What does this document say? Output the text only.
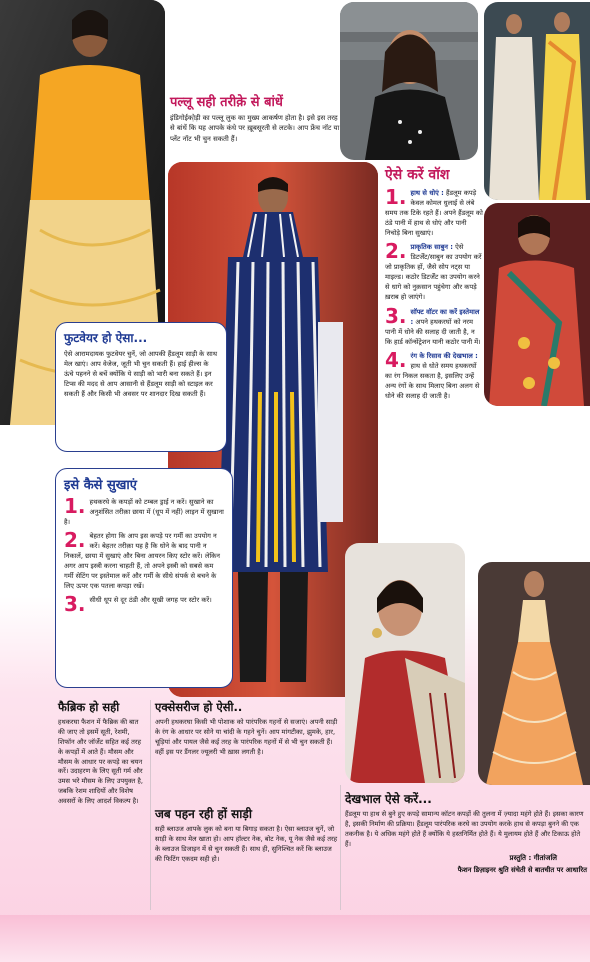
पल्लू सही तरीक़े से बांधें
इंडिगोईको़ड़ी का पल्लू लुक का मुख्य आकर्षण होता है। इसे इस तरह से बांधें कि यह आपके कंधे पर ख़ूबसूरती से लटके। आप फ्रेंच नॉट या प्लेंट नॉट भी चुन सकती हैं।
ऐसे करें वॉश
1. हाथ से धोएं : हैंडलूम कपड़े केवल कोमल धुलाई से लंबे समय तक टिके रहते हैं। अपने हैंडलूम को ठंडे पानी में हाथ से धोएं और पानी निचोड़े बिना सुखाएं।
2. प्राकृतिक साबुन : ऐसे डिटर्जेंट/साबुन का उपयोग करें जो प्राकृतिक हों, जैसे सोप नट्स या माइल्ड। कठोर डिटर्जेंट का उपयोग करने से धागे को नुक़सान पहुंचेगा और कपड़े ख़राब हो जाएंगे।
3. सॉफ्ट वॉटर का करें इस्तेमाल : अपने हथकरघों को नरम पानी में धोने की सलाह दी जाती है, न कि हार्ड कॉन्सेंट्रेशन यानी कठोर पानी में।
4. रंग के रिसाव की देखभाल : हाथ से धोते समय हथकरघों का रंग निकल सकता है, इसलिए उन्हें अन्य रंगों के साथ मिलाए बिना अलग से धोने की सलाह दी जाती है।
फुटवेयर हो ऐसा...
ऐसे आरामदायक फुटवेयर चुनें, जो आपकी हैंडलूम साड़ी के साथ मेल खाएं। आप वेजेज, जूती भी चुन सकती हैं। हाई हील्स के ऊंचे पहनने से बचें क्योंकि ये साड़ी को भारी बना सकते हैं। इन टिप्स की मदद से आप आसानी से हैंडलूम साड़ी को स्टाइल कर सकती हैं और किसी भी अवसर पर शानदार दिख सकती हैं।
इसे कैसे सुखाएं
1. हथकरघे के कपड़ों को टम्बल ड्राई न करें। सुखाने का अनुशंसित तरीक़ा छाया में (धूप में नहीं) लाइन में सुखाना है।
2. बेहतर होगा कि आप इस कपड़े पर गर्मी का उपयोग न करें। बेहतर तरीक़ा यह है कि धोने के बाद पानी न निकालें, छाया में सुखाएं और बिना आयरन किए स्टोर करें। लेकिन अगर आप इस्त्री करना चाहती हैं, तो अपने इस्त्री को सबसे कम गर्मी सेटिंग पर इस्तेमाल करें और गर्मी के सीधे संपर्क से बचने के लिए ऊपर एक पतला कपड़ा रखें।
3. सीधी धूप से दूर ठंडी और सूखी जगह पर स्टोर करें।
फैब्रिक हो सही
हथकरघा फैशन में फैब्रिक की बात की जाए तो इसमें सूती, रेशमी, शिफॉन और जॉर्जेट सहित कई तरह के कपड़ों में आते हैं। मौसम और मौसम के आधार पर कपड़े का चयन करें। उदाहरण के लिए सूती गर्म और उमस भरे मौसम के लिए उपयुक्त है, जबकि रेशम शादियों और विशेष अवसरों के लिए आदर्श विकल्प है।
एक्सेसरीज हो ऐसी..
अपनी हथकरघा किसी भी पोशाक को पारंपरिक गहनों से सजाएं। अपनी साड़ी के रंग के आधार पर सोने या चांदी के गहने चुनें। आप मांगटीका, झुमके, हार, चूड़ियां और पायल जैसे कई तरह के पारंपरिक गहनों में से भी चुन सकती हैं। वहीं इस पर डैंगलर ज्यूलरी भी ख़ास लगती है।
जब पहन रही हों साड़ी
सही ब्लाउज आपके लुक को बना या बिगाड़ सकता है। ऐसा ब्लाउज चुनें, जो साड़ी के साथ मेल खाता हो। आप हॉल्टर नेक, बोट नेक, यू नेक जैसे कई तरह के ब्लाउज डिजाइन में से चुन सकती हैं। साथ ही, सुनिश्चित करें कि ब्लाउज की फिटिंग एकदम सही हो।
देखभाल ऐसे करें...
हैंडलूम या हाथ से बुने हुए कपड़े सामान्य कॉटन कपड़ों की तुलना में ज़्यादा महंगे होते हैं। इसका कारण है, इसकी निर्माण की प्रक्रिया। हैंडलूम पारंपरिक करघे का उपयोग करके हाथ से कपड़ा बुनने की एक तकनीक है। ये अधिक महंगे होते हैं क्योंकि ये हस्तनिर्मित होते हैं। ये मुलायम होते हैं और टिकाऊ होते हैं।
प्रस्तुति : गीतांजलि
फैशन डिज़ाइनर श्रुति संचेती से बातचीत पर आधारित
